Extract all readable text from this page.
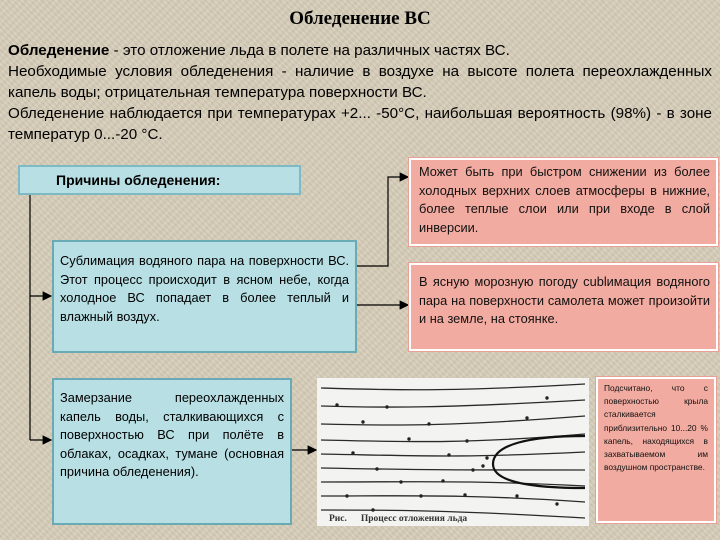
Обледенение ВС

Обледенение - это отложение льда в полете на различных частях ВС.

Необходимые условия обледенения - наличие в воздухе на высоте полета переохлажденных капель воды; отрицательная температура поверхности ВС.

Обледенение наблюдается при температурах +2... -50°С, наибольшая вероятность (98%) - в зоне температур 0...-20 °С.

Причины обледенения:
Сублимация водяного пара на поверхности ВС. Этот процесс происходит в ясном небе, когда холодное ВС попадает в более теплый и влажный воздух.
Замерзание переохлажденных капель воды, сталкивающихся с поверхностью ВС при полёте в облаках, осадках, тумане (основная причина обледенения).
Может быть при быстром снижении из более холодных верхних слоев атмосферы в нижние, более теплые слои или при входе в слой инверсии.
В ясную морозную погоду сublимация водяного пара на поверхности самолета может произойти и на земле, на стоянке.
Подсчитано, что с поверхностью крыла сталкивается приблизительно 10...20 % капель, находящихся в захватываемом им воздушном пространстве.
Рис. Процесс отложения льда
